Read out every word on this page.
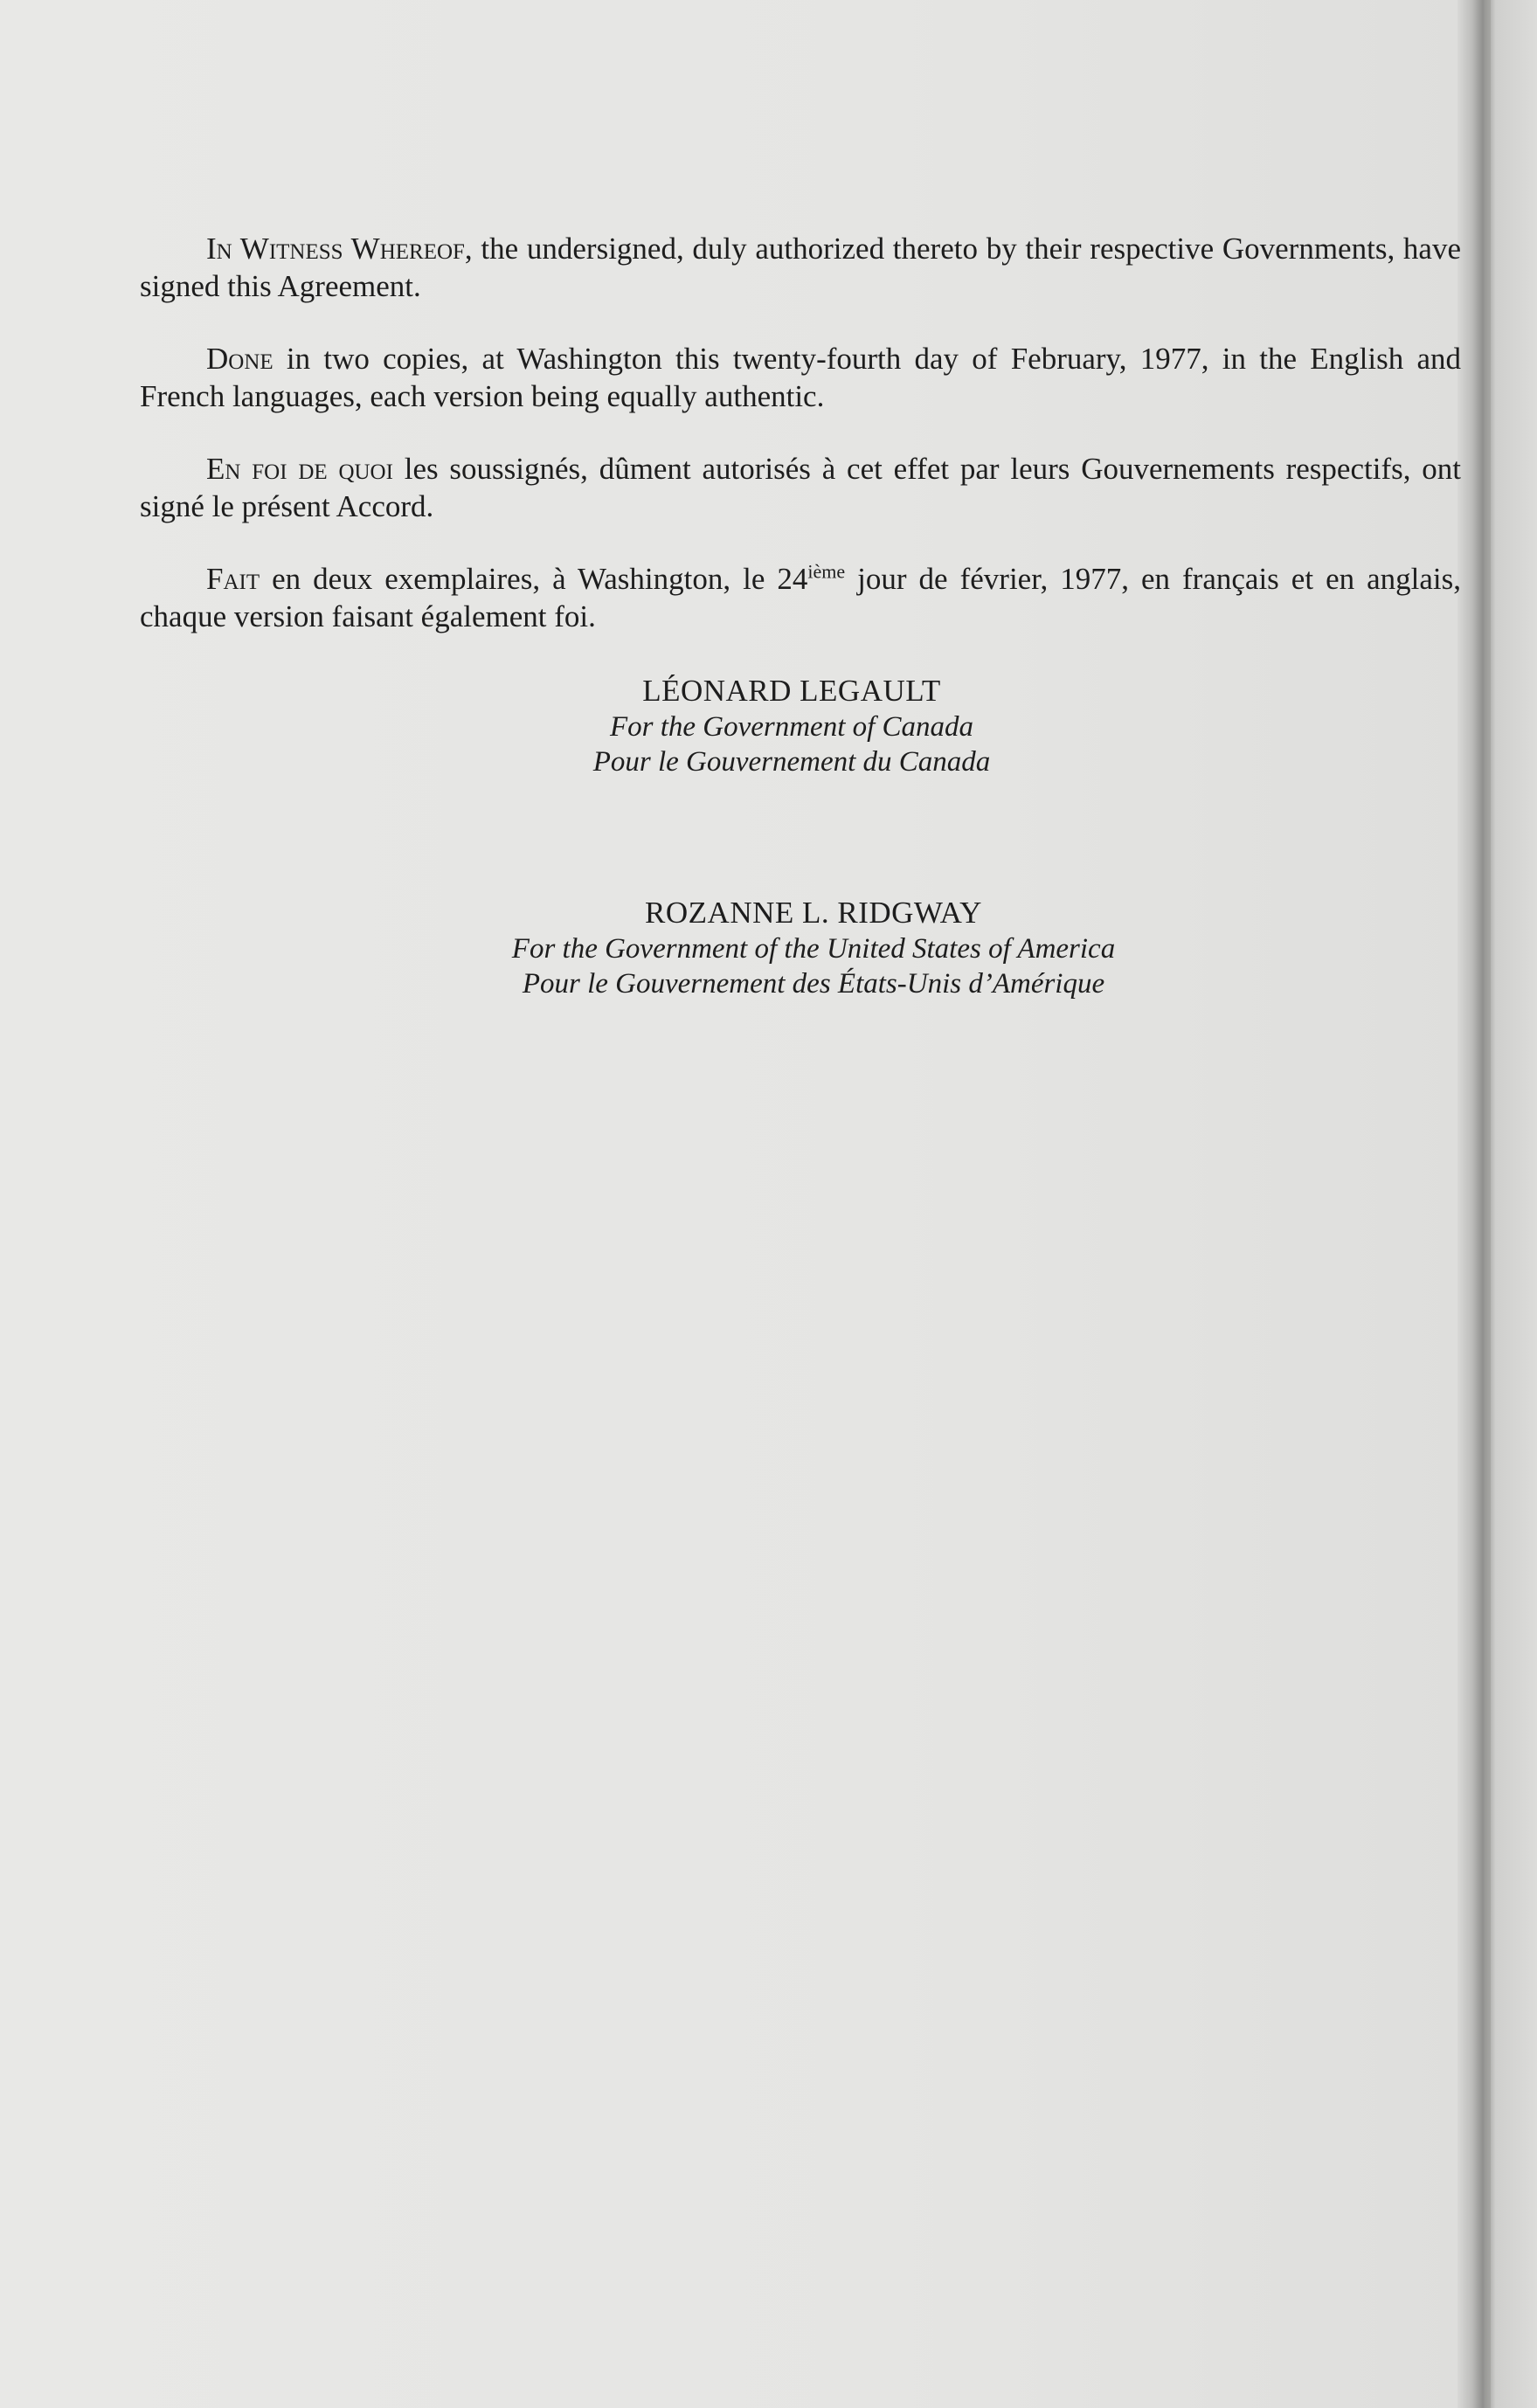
In Witness Whereof, the undersigned, duly authorized thereto by their respective Governments, have signed this Agreement.

Done in two copies, at Washington this twenty-fourth day of February, 1977, in the English and French languages, each version being equally authentic.

En foi de quoi les soussignés, dûment autorisés à cet effet par leurs Gouvernements respectifs, ont signé le présent Accord.

Fait en deux exemplaires, à Washington, le 24ième jour de février, 1977, en français et en anglais, chaque version faisant également foi.

LÉONARD LEGAULT
For the Government of Canada
Pour le Gouvernement du Canada
ROZANNE L. RIDGWAY
For the Government of the United States of America
Pour le Gouvernement des États-Unis d’Amérique
